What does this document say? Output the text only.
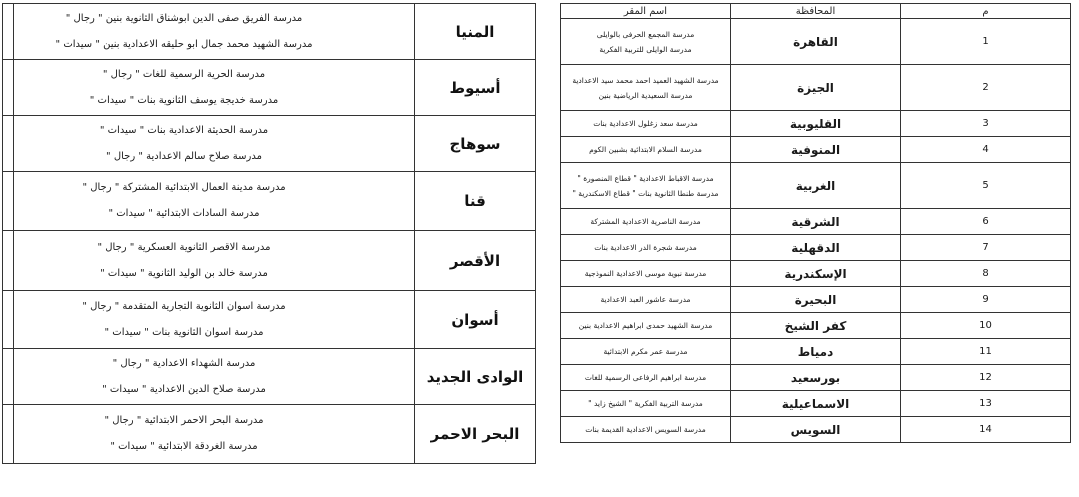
المنيا	مدرسة الفريق صفى الدين ابوشناق الثانوية بنين " رجال "
مدرسة الشهيد محمد جمال ابو حليقه الاعدادية بنين " سيدات "	

أسيوط	مدرسة الحرية الرسمية للغات " رجال "
مدرسة خديجة يوسف الثانوية بنات " سيدات "	

سوهاج	مدرسة الحديثة الاعدادية بنات " سيدات "
مدرسة صلاح سالم الاعدادية " رجال "	

قنا	مدرسة مدينة العمال الابتدائية المشتركة " رجال "
مدرسة السادات الابتدائية " سيدات "	

الأقصر	مدرسة الاقصر الثانوية العسكرية " رجال "
مدرسة خالد بن الوليد الثانوية " سيدات "	

أسوان	مدرسة اسوان الثانوية التجارية المتقدمة " رجال "
مدرسة اسوان الثانوية بنات " سيدات "	

الوادى الجديد	مدرسة الشهداء الاعدادية " رجال "
مدرسة صلاح الدين الاعدادية " سيدات "	

البحر الاحمر	مدرسة البحر الاحمر الابتدائية " رجال "
مدرسة الغردقة الابتدائية " سيدات "	

م	المحافظة	اسم المقر
1	القاهرة	مدرسة المجمع الحرفى بالوايلى
مدرسة الوايلى للتربية الفكرية

2	الجيزة	مدرسة الشهيد العميد احمد محمد سيد الاعدادية
مدرسة السعيدية الرياضية بنين

3	القليوبية	مدرسة سعد زغلول الاعدادية بنات

4	المنوفية	مدرسة السلام الابتدائية بشبين الكوم

5	الغربية	مدرسة الاقباط الاعدادية " قطاع المنصورة "
مدرسة طنطا الثانوية بنات " قطاع الاسكندرية "

6	الشرقية	مدرسة الناصرية الاعدادية المشتركة

7	الدقهلية	مدرسة شجرة الدر الاعدادية بنات

8	الإسكندرية	مدرسة نبوية موسى الاعدادية النموذجية

9	البحيرة	مدرسة عاشور العبد الاعدادية

10	كفر الشيخ	مدرسة الشهيد حمدى ابراهيم الاعدادية بنين

11	دمياط	مدرسة عمر مكرم الابتدائية

12	بورسعيد	مدرسة ابراهيم الرفاعى الرسمية للغات

13	الاسماعيلية	مدرسة التربية الفكرية " الشيخ زايد "

14	السويس	مدرسة السويس الاعدادية القديمة بنات
